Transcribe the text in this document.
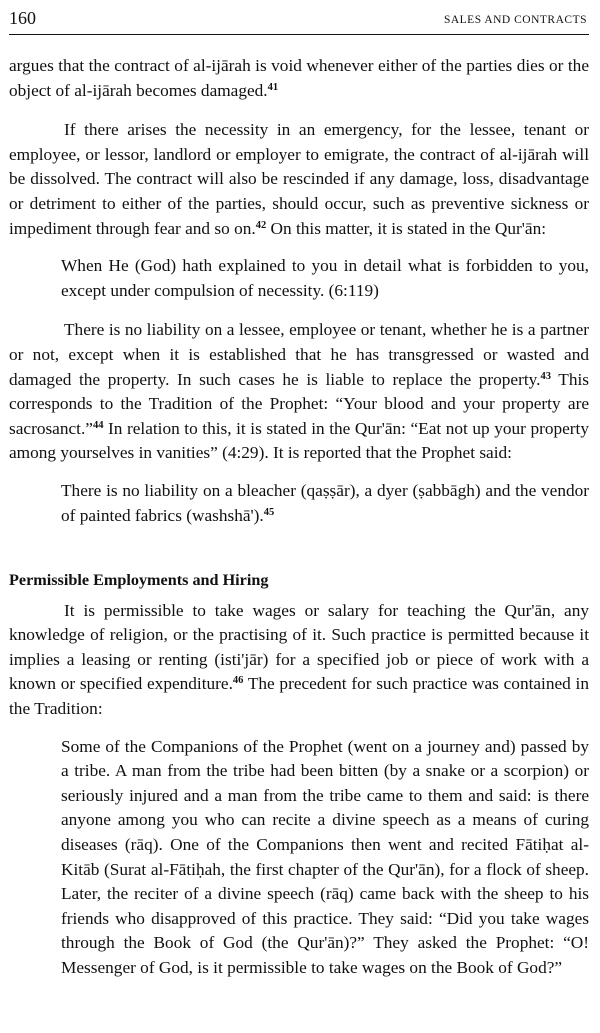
160	SALES AND CONTRACTS

argues that the contract of al-ijārah is void whenever either of the parties dies or the object of al-ijārah becomes damaged.$^{41}$

If there arises the necessity in an emergency, for the lessee, tenant or employee, or lessor, landlord or employer to emigrate, the contract of al-ijārah will be dissolved. The contract will also be rescinded if any damage, loss, disadvantage or detriment to either of the parties, should occur, such as preventive sickness or impediment through fear and so on.$^{42}$ On this matter, it is stated in the Qur'ān:

When He (God) hath explained to you in detail what is forbidden to you, except under compulsion of necessity. (6:119)

There is no liability on a lessee, employee or tenant, whether he is a partner or not, except when it is established that he has transgressed or wasted and damaged the property. In such cases he is liable to replace the property.$^{43}$ This corresponds to the Tradition of the Prophet: “Your blood and your property are sacrosanct.”$^{44}$ In relation to this, it is stated in the Qur'ān: “Eat not up your property among yourselves in vanities” (4:29). It is reported that the Prophet said:

There is no liability on a bleacher (qaṣṣār), a dyer (ṣabbāgh) and the vendor of painted fabrics (washshā').$^{45}$

Permissible Employments and Hiring

It is permissible to take wages or salary for teaching the Qur'ān, any knowledge of religion, or the practising of it. Such practice is permitted because it implies a leasing or renting (isti'jār) for a specified job or piece of work with a known or specified expenditure.$^{46}$ The precedent for such practice was contained in the Tradition:

Some of the Companions of the Prophet (went on a journey and) passed by a tribe. A man from the tribe had been bitten (by a snake or a scorpion) or seriously injured and a man from the tribe came to them and said: is there anyone among you who can recite a divine speech as a means of curing diseases (rāq). One of the Companions then went and recited Fātiḥat al-Kitāb (Surat al-Fātiḥah, the first chapter of the Qur'ān), for a flock of sheep. Later, the reciter of a divine speech (rāq) came back with the sheep to his friends who disapproved of this practice. They said: “Did you take wages through the Book of God (the Qur'ān)?” They asked the Prophet: “O! Messenger of God, is it permissible to take wages on the Book of God?”
